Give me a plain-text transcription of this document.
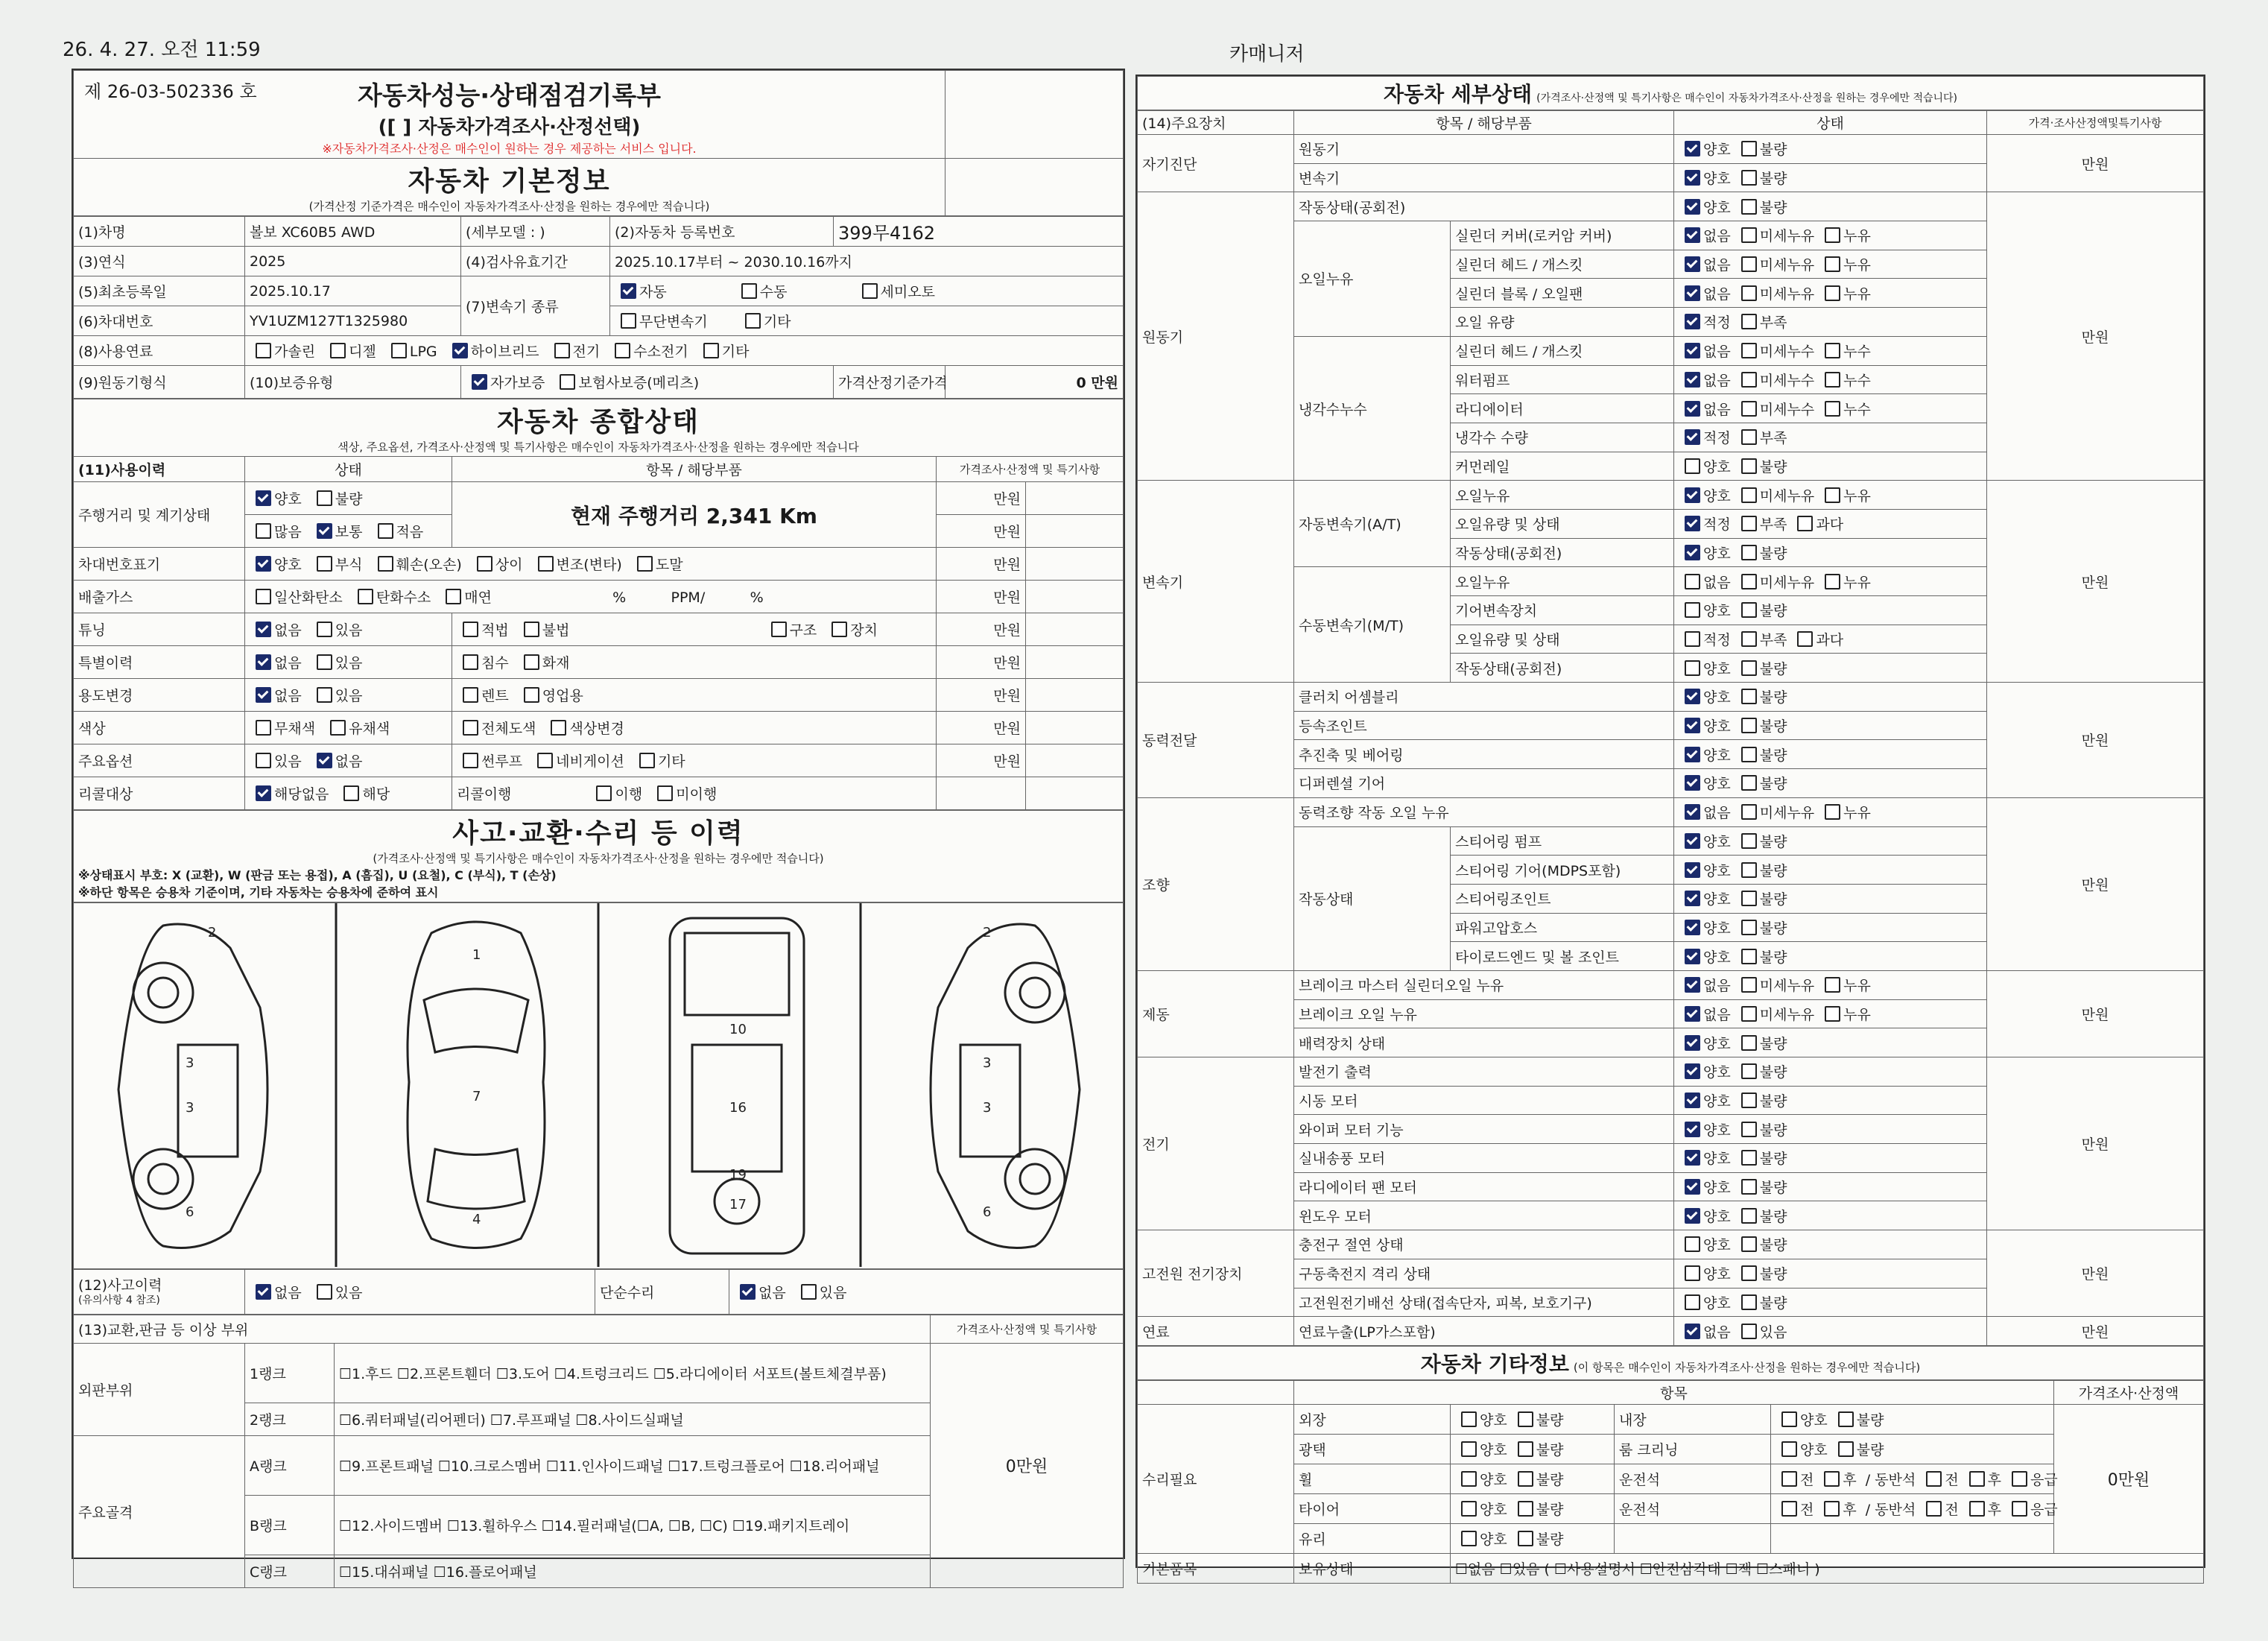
26. 4. 27. 오전 11:59	카매니저
제 26-03-502336 호 자동차성능·상태점검기록부
([ ] 자동차가격조사·산정선택)
※자동차가격조사·산정은 매수인이 원하는 경우 제공하는 서비스 입니다.	

자동차 기본정보
(가격산정 기준가격은 매수인이 자동차가격조사·산정을 원하는 경우에만 적습니다)	

(1)차명	볼보 XC60B5 AWD	(세부모델 : )	(2)자동차 등록번호	399무4162	
(3)연식	2025	(4)검사유효기간	2025.10.17부터 ~ 2030.10.16까지		
(5)최초등록일	2025.10.17	(7)변속기 종류	자동 수동 세미오토		
(6)차대번호	YV1UZM127T1325980		무단변속기 기타		
(8)사용연료	가솔린 디젤 LPG 하이브리드 전기 수소전기 기타				
(9)원동기형식	(10)보증유형	자가보증 보험사보증(메리츠)		가격산정기준가격	0 만원
자동차 종합상태
색상, 주요옵션, 가격조사·산정액 및 특기사항은 매수인이 자동차가격조사·산정을 원하는 경우에만 적습니다
(11)사용이력	상태	항목 / 해당부품	가격조사·산정액 및 특기사항	
주행거리 및 계기상태	양호 불량	현재 주행거리 2,341 Km	만원	
	많음 보통 적음		만원	
차대번호표기	양호 부식 훼손(오손) 상이 변조(변타) 도말		만원	
배출가스	일산화탄소 탄화수소 매연 %          PPM/          %		만원	
튜닝	없음 있음	적법 불법 구조 장치	만원	
특별이력	없음 있음	침수 화재	만원	
용도변경	없음 있음	렌트 영업용	만원	
색상	무채색 유채색	전체도색 색상변경	만원	
주요옵션	있음 없음	썬루프 네비게이션 기타	만원	
리콜대상	해당없음 해당	리콜이행 이행 미이행		
사고·교환·수리 등 이력
(가격조사·산정액 및 특기사항은 매수인이 자동차가격조사·산정을 원하는 경우에만 적습니다)
※상태표시 부호: X (교환), W (판금 또는 용접), A (흠집), U (요철), C (부식), T (손상)
※하단 항목은 승용차 기준이며, 기타 자동차는 승용차에 준하여 표시
2
3
3
6
1
7
4
16
17
19
10
2
3
3
6
(12)사고이력
(유의사항 4 참조)	없음 있음	단순수리	없음 있음
(13)교환,판금 등 이상 부위			가격조사·산정액 및 특기사항
외판부위	1랭크	☐1.후드 ☐2.프론트휀더 ☐3.도어 ☐4.트렁크리드 ☐5.라디에이터 서포트(볼트체결부품)	0만원
	2랭크	☐6.쿼터패널(리어펜더) ☐7.루프패널 ☐8.사이드실패널	
주요골격	A랭크	☐9.프론트패널 ☐10.크로스멤버 ☐11.인사이드패널 ☐17.트렁크플로어 ☐18.리어패널	
	B랭크	☐12.사이드멤버 ☐13.휠하우스 ☐14.필러패널(☐A, ☐B, ☐C) ☐19.패키지트레이	
	C랭크	☐15.대쉬패널 ☐16.플로어패널	
자동차 세부상태 (가격조사·산정액 및 특기사항은 매수인이 자동차가격조사·산정을 원하는 경우에만 적습니다)
(14)주요장치	항목 / 해당부품		상태	가격·조사산정액및특기사항
자기진단	원동기		양호 불량	만원
	변속기		양호 불량	
원동기	작동상태(공회전)		양호 불량	만원
	오일누유	실린더 커버(로커암 커버)	없음 미세누유 누유	
		실린더 헤드 / 개스킷	없음 미세누유 누유	
		실린더 블록 / 오일팬	없음 미세누유 누유	
		오일 유량	적정 부족	
	냉각수누수	실린더 헤드 / 개스킷	없음 미세누수 누수	
		워터펌프	없음 미세누수 누수	
		라디에이터	없음 미세누수 누수	
		냉각수 수량	적정 부족	
		커먼레일	양호 불량	
변속기	자동변속기(A/T)	오일누유	양호 미세누유 누유	만원
		오일유량 및 상태	적정 부족 과다	
		작동상태(공회전)	양호 불량	
	수동변속기(M/T)	오일누유	없음 미세누유 누유	
		기어변속장치	양호 불량	
		오일유량 및 상태	적정 부족 과다	
		작동상태(공회전)	양호 불량	
동력전달	클러치 어셈블리		양호 불량	만원
	등속조인트		양호 불량	
	추진축 및 베어링		양호 불량	
	디퍼렌셜 기어		양호 불량	
조향	동력조향 작동 오일 누유		없음 미세누유 누유	만원
	작동상태	스티어링 펌프	양호 불량	
		스티어링 기어(MDPS포함)	양호 불량	
		스티어링조인트	양호 불량	
		파워고압호스	양호 불량	
		타이로드엔드 및 볼 조인트	양호 불량	
제동	브레이크 마스터 실린더오일 누유		없음 미세누유 누유	만원
	브레이크 오일 누유		없음 미세누유 누유	
	배력장치 상태		양호 불량	
전기	발전기 출력		양호 불량	만원
	시동 모터		양호 불량	
	와이퍼 모터 기능		양호 불량	
	실내송풍 모터		양호 불량	
	라디에이터 팬 모터		양호 불량	
	윈도우 모터		양호 불량	
고전원 전기장치	충전구 절연 상태		양호 불량	만원
	구동축전지 격리 상태		양호 불량	
	고전원전기배선 상태(접속단자, 피복, 보호기구)		양호 불량	
연료	연료누출(LP가스포함)		없음 있음	만원
자동차 기타정보 (이 항목은 매수인이 자동차가격조사·산정을 원하는 경우에만 적습니다)
	항목				가격조사·산정액
수리필요	외장	양호 불량	내장	양호 불량	0만원
	광택	양호 불량	룸 크리닝	양호 불량	
	휠	양호 불량	운전석	전 후 / 동반석 전 후 응급	
	타이어	양호 불량	운전석	전 후 / 동반석 전 후 응급	
	유리	양호 불량			
기본품목	보유상태	☐없음 ☐있음 ( ☐사용설명서 ☐안전삼각대 ☐잭 ☐스패너 )			
